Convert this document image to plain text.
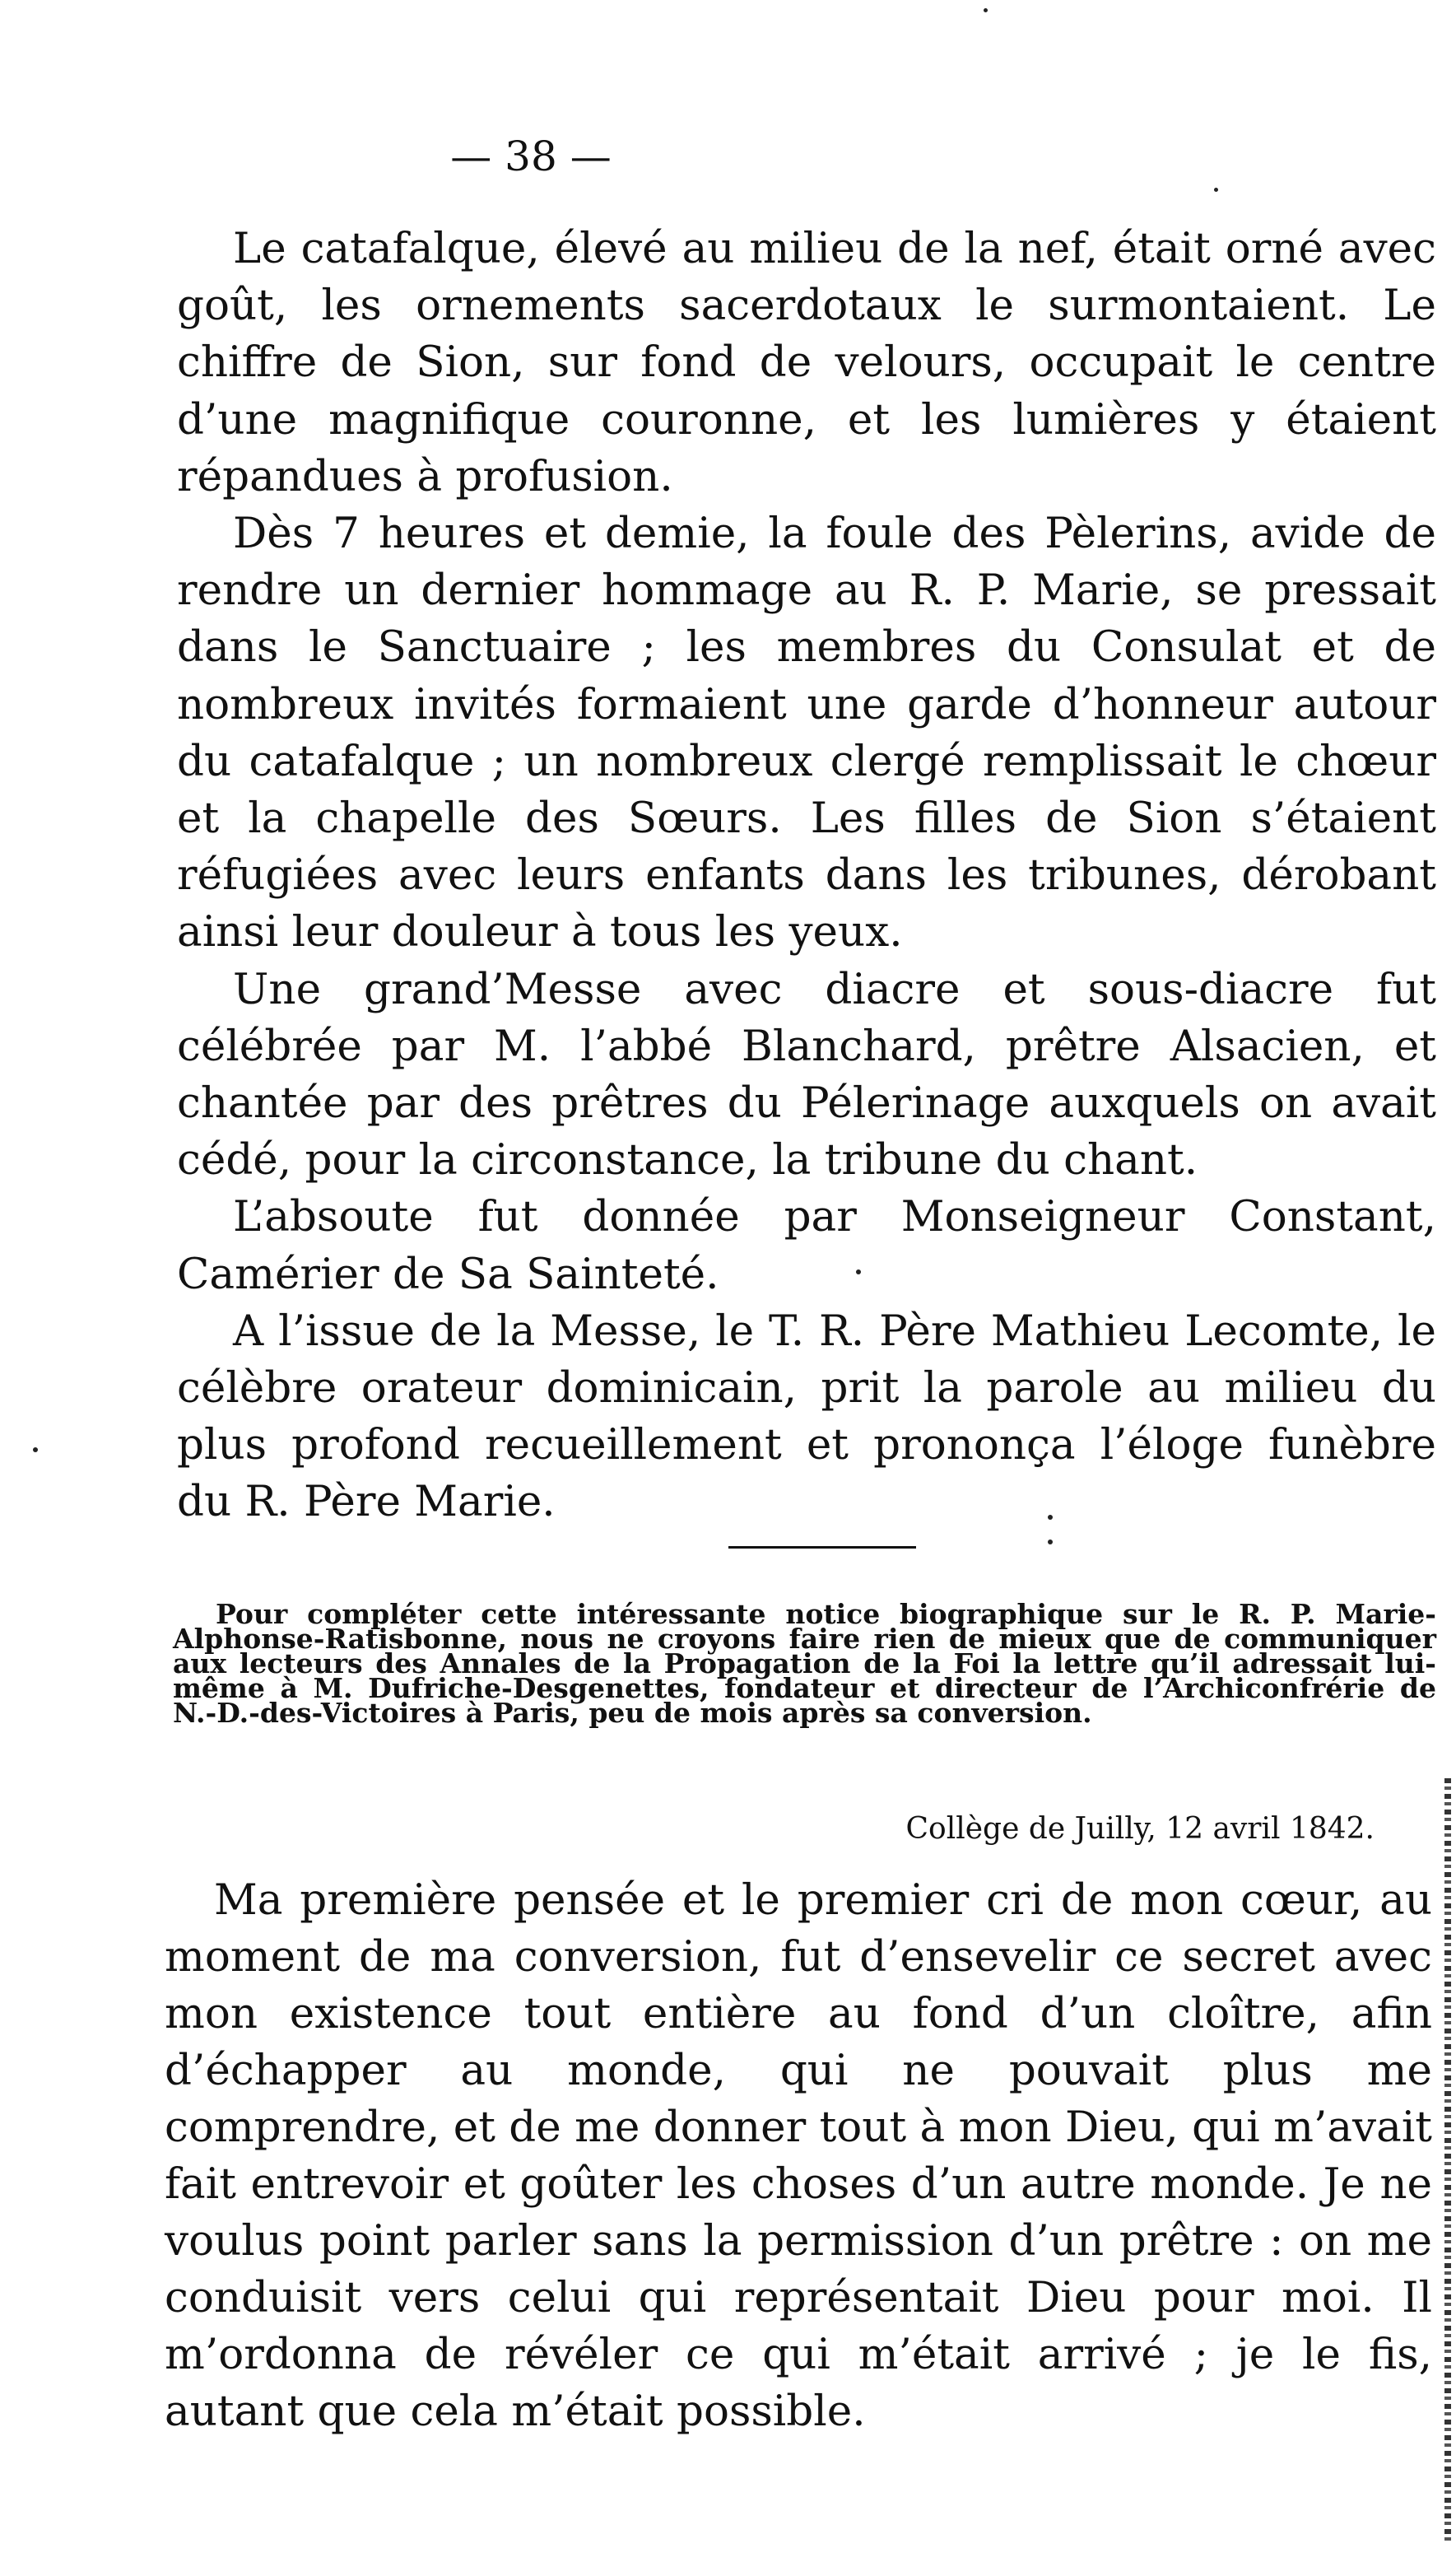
— 38 —

Le catafalque, élevé au milieu de la nef, était orné avec goût, les ornements sacerdotaux le surmontaient. Le chiffre de Sion, sur fond de velours, occupait le centre d’une magnifique couronne, et les lumières y étaient répandues à profusion.

Dès 7 heures et demie, la foule des Pèlerins, avide de rendre un dernier hommage au R. P. Marie, se pressait dans le Sanctuaire ; les membres du Consulat et de nombreux invités formaient une garde d’honneur autour du catafalque ; un nombreux clergé remplissait le chœur et la chapelle des Sœurs. Les filles de Sion s’étaient réfugiées avec leurs enfants dans les tribunes, dérobant ainsi leur douleur à tous les yeux.

Une grand’Messe avec diacre et sous-diacre fut célébrée par M. l’abbé Blanchard, prêtre Alsacien, et chantée par des prêtres du Pélerinage auxquels on avait cédé, pour la circonstance, la tribune du chant.

L’absoute fut donnée par Monseigneur Constant, Camérier de Sa Sainteté.

A l’issue de la Messe, le T. R. Père Mathieu Lecomte, le célèbre orateur dominicain, prit la parole au milieu du plus profond recueillement et prononça l’éloge funèbre du R. Père Marie.

Pour compléter cette intéressante notice biographique sur le R. P. Marie-Alphonse-Ratisbonne, nous ne croyons faire rien de mieux que de communiquer aux lecteurs des Annales de la Propagation de la Foi la lettre qu’il adressait lui-même à M. Dufriche-Desgenettes, fondateur et directeur de l’Archiconfrérie de N.-D.-des-Victoires à Paris, peu de mois après sa conversion.

Collège de Juilly, 12 avril 1842.

Ma première pensée et le premier cri de mon cœur, au moment de ma conversion, fut d’ensevelir ce secret avec mon existence tout entière au fond d’un cloître, afin d’échapper au monde, qui ne pouvait plus me comprendre, et de me donner tout à mon Dieu, qui m’avait fait entrevoir et goûter les choses d’un autre monde. Je ne voulus point parler sans la permission d’un prêtre : on me conduisit vers celui qui représentait Dieu pour moi. Il m’ordonna de révéler ce qui m’était arrivé ; je le fis, autant que cela m’était possible.
